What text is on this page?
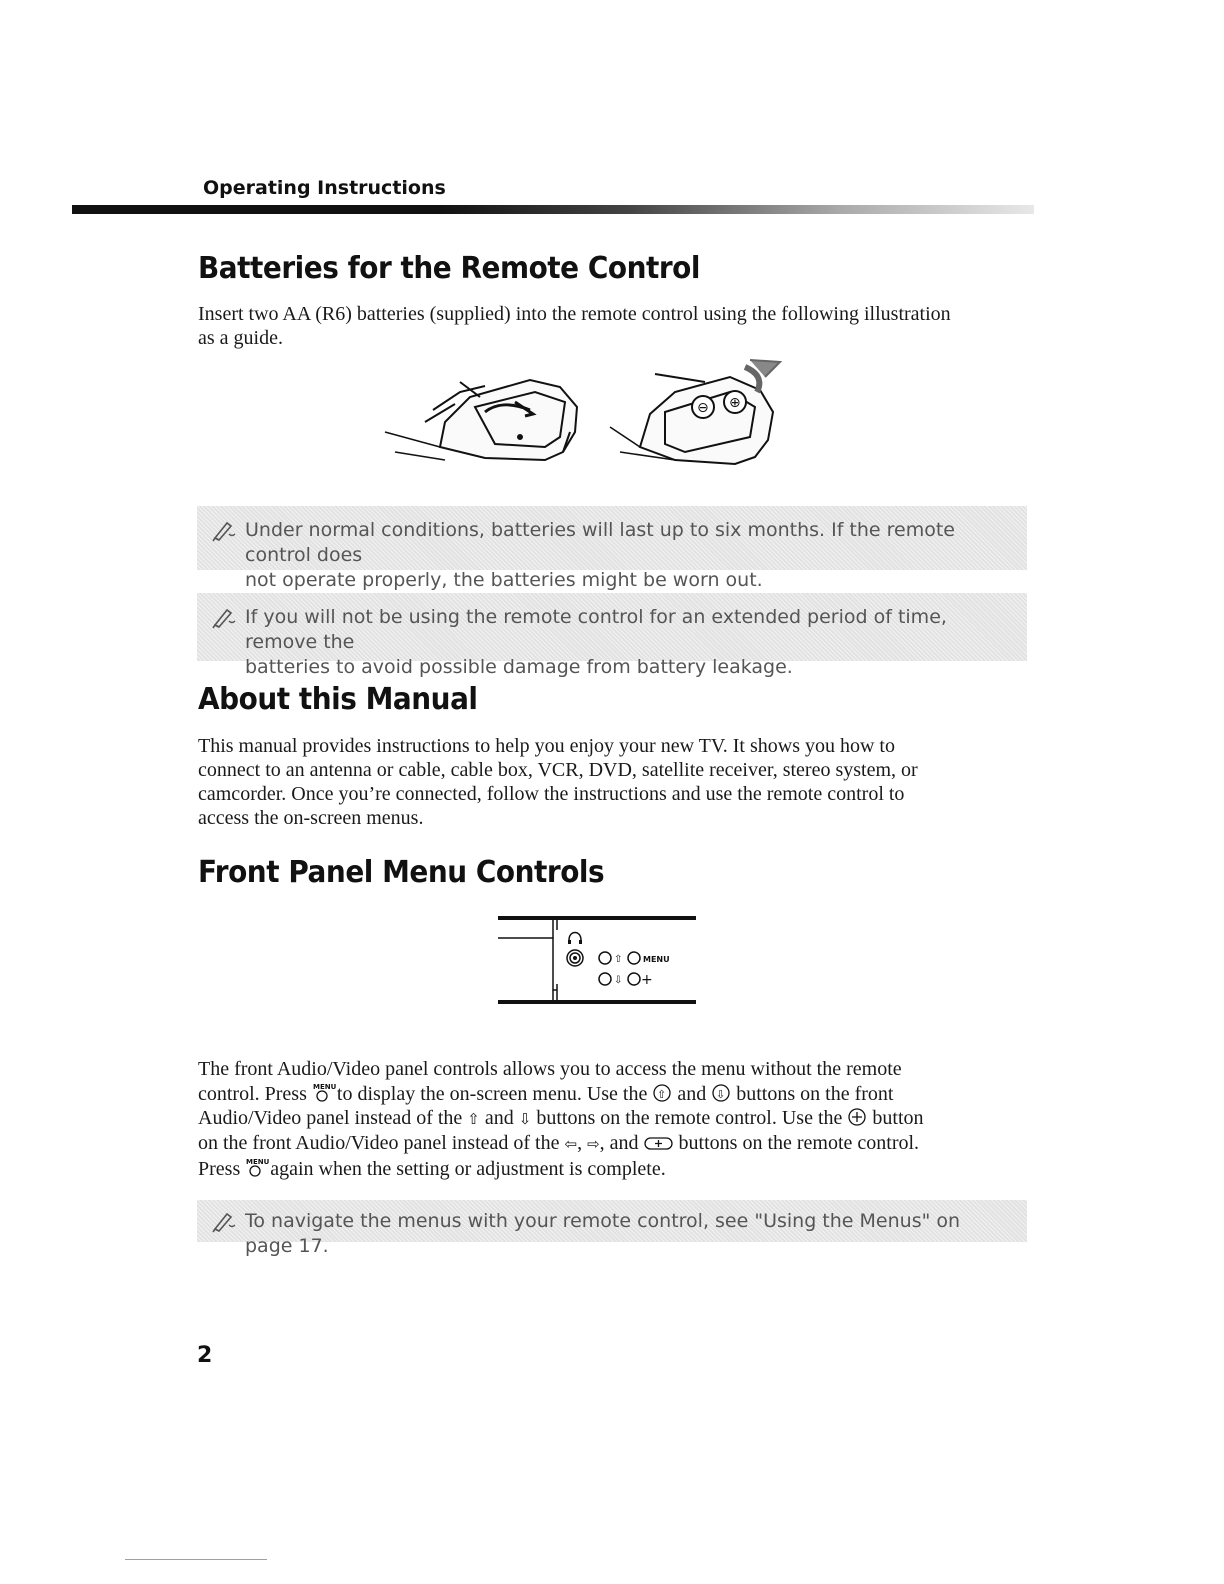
Operating Instructions
Batteries for the Remote Control
Insert two AA (R6) batteries (supplied) into the remote control using the following illustration
as a guide.
⊖ ⊕
Under normal conditions, batteries will last up to six months. If the remote control does
not operate properly, the batteries might be worn out.
If you will not be using the remote control for an extended period of time, remove the
batteries to avoid possible damage from battery leakage.
About this Manual
This manual provides instructions to help you enjoy your new TV. It shows you how to
connect to an antenna or cable, cable box, VCR, DVD, satellite receiver, stereo system, or
camcorder. Once you’re connected, follow the instructions and use the remote control to
access the on-screen menus.
Front Panel Menu Controls
⇧	MENU
⇩ +
The front Audio/Video panel controls allows you to access the menu without the remote
control. Press MENU to display the on-screen menu. Use the ⇧ and ⇩ buttons on the front
Audio/Video panel instead of the ⇧ and ⇩ buttons on the remote control. Use the button
on the front Audio/Video panel instead of the ⇦, ⇨, and buttons on the remote control.
Press MENU again when the setting or adjustment is complete.
To navigate the menus with your remote control, see "Using the Menus" on page 17.
2
